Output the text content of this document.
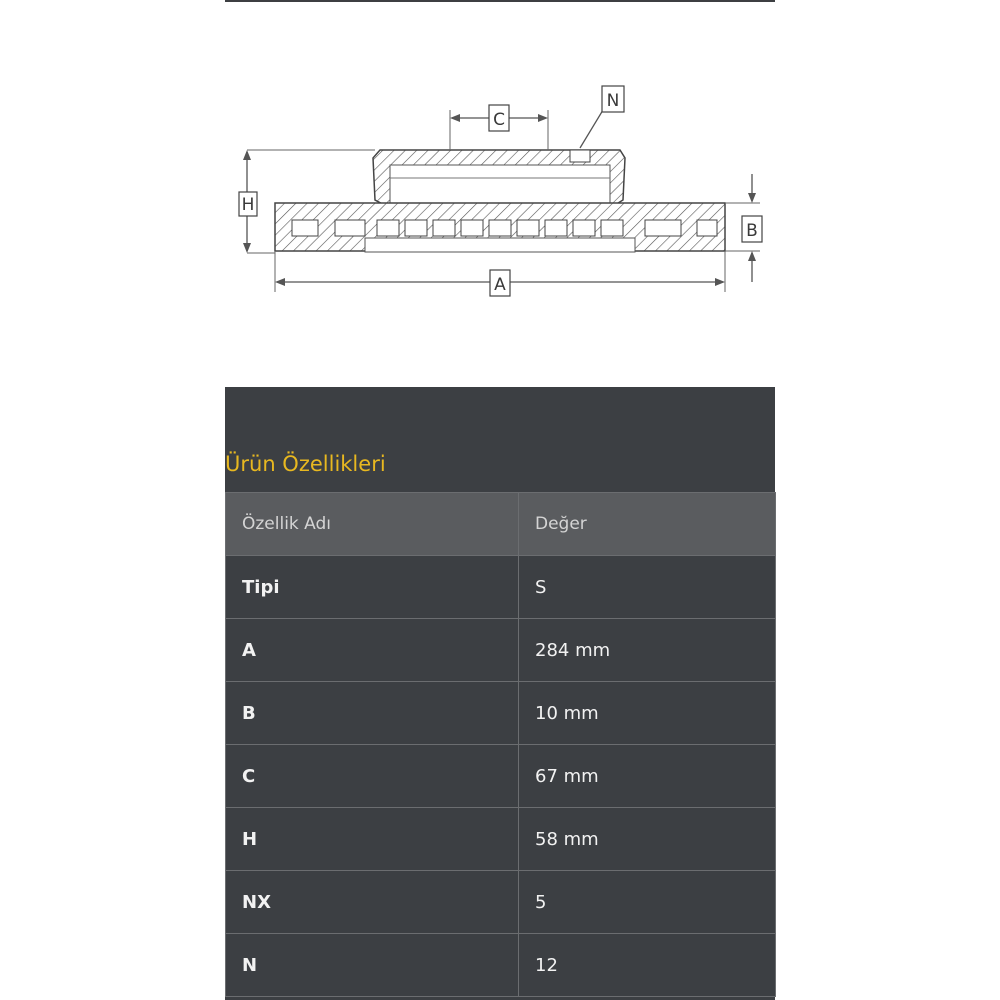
H
B
A
C
N
Ürün Özellikleri
Özellik Adı	Değer
Tipi	S
A	284 mm
B	10 mm
C	67 mm
H	58 mm
NX	5
N	12
